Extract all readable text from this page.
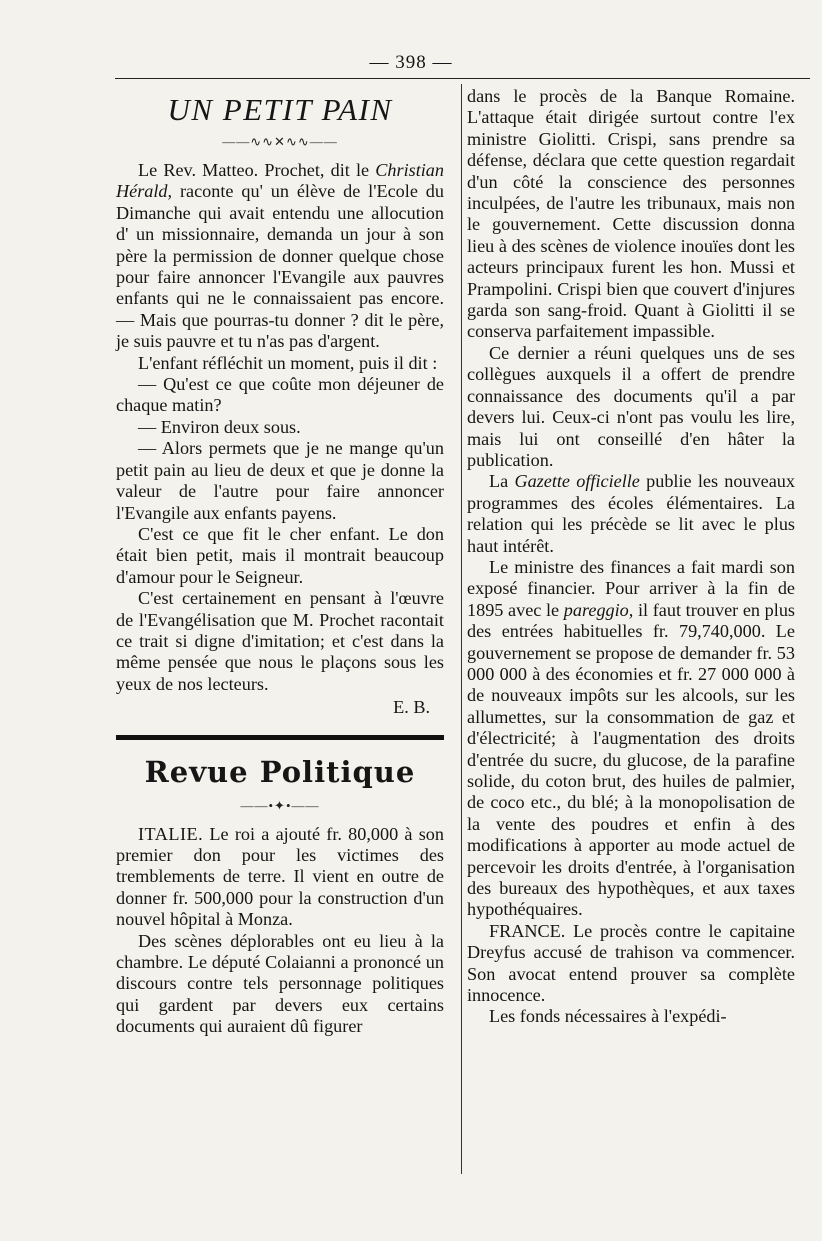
— 398 —
UN PETIT PAIN
——∿∿✕∿∿——

Le Rev. Matteo. Prochet, dit le Christian Hérald, raconte qu' un élève de l'Ecole du Dimanche qui avait entendu une allocution d' un missionnaire, demanda un jour à son père la permission de donner quelque chose pour faire annoncer l'Evangile aux pauvres enfants qui ne le connaissaient pas encore. — Mais que pourras-tu donner ? dit le père, je suis pauvre et tu n'as pas d'argent.

L'enfant réfléchit un moment, puis il dit :

— Qu'est ce que coûte mon déjeuner de chaque matin?

— Environ deux sous.

— Alors permets que je ne mange qu'un petit pain au lieu de deux et que je donne la valeur de l'autre pour faire annoncer l'Evangile aux enfants payens.

C'est ce que fit le cher enfant. Le don était bien petit, mais il montrait beaucoup d'amour pour le Seigneur.

C'est certainement en pensant à l'œuvre de l'Evangélisation que M. Prochet racontait ce trait si digne d'imitation; et c'est dans la même pensée que nous le plaçons sous les yeux de nos lecteurs.

E. B.
Revue Politique
——•✦•——

ITALIE. Le roi a ajouté fr. 80,000 à son premier don pour les victimes des tremblements de terre. Il vient en outre de donner fr. 500,000 pour la construction d'un nouvel hôpital à Monza.

Des scènes déplorables ont eu lieu à la chambre. Le député Colaianni a prononcé un discours contre tels personnage politiques qui gardent par devers eux certains documents qui auraient dû figurer

dans le procès de la Banque Romaine. L'attaque était dirigée surtout contre l'ex ministre Giolitti. Crispi, sans prendre sa défense, déclara que cette question regardait d'un côté la conscience des personnes inculpées, de l'autre les tribunaux, mais non le gouvernement. Cette discussion donna lieu à des scènes de violence inouïes dont les acteurs principaux furent les hon. Mussi et Prampolini. Crispi bien que couvert d'injures garda son sang-froid. Quant à Giolitti il se conserva parfaitement impassible.

Ce dernier a réuni quelques uns de ses collègues auxquels il a offert de prendre connaissance des documents qu'il a par devers lui. Ceux-ci n'ont pas voulu les lire, mais lui ont conseillé d'en hâter la publication.

La Gazette officielle publie les nouveaux programmes des écoles élémentaires. La relation qui les précède se lit avec le plus haut intérêt.

Le ministre des finances a fait mardi son exposé financier. Pour arriver à la fin de 1895 avec le pareggio, il faut trouver en plus des entrées habituelles fr. 79,740,000. Le gouvernement se propose de demander fr. 53 000 000 à des économies et fr. 27 000 000 à de nouveaux impôts sur les alcools, sur les allumettes, sur la consommation de gaz et d'électricité; à l'augmentation des droits d'entrée du sucre, du glucose, de la parafine solide, du coton brut, des huiles de palmier, de coco etc., du blé; à la monopolisation de la vente des poudres et enfin à des modifications à apporter au mode actuel de percevoir les droits d'entrée, à l'organisation des bureaux des hypothèques, et aux taxes hypothéquaires.

FRANCE. Le procès contre le capitaine Dreyfus accusé de trahison va commencer. Son avocat entend prouver sa complète innocence.

Les fonds nécessaires à l'expédi-
